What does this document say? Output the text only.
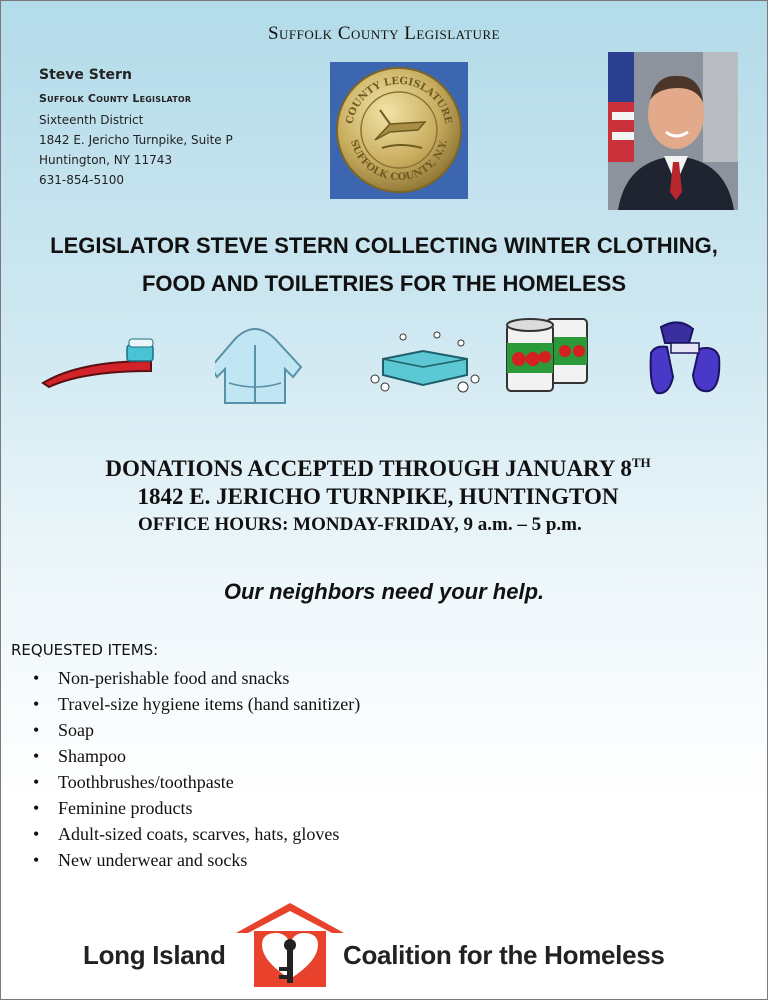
Suffolk County Legislature
Steve Stern
Suffolk County Legislator
Sixteenth District
1842 E. Jericho Turnpike, Suite P
Huntington, NY 11743
631-854-5100
COUNTY LEGISLATURE
SUFFOLK COUNTY, N.Y.
LEGISLATOR STEVE STERN COLLECTING WINTER CLOTHING,
FOOD AND TOILETRIES FOR THE HOMELESS
DONATIONS ACCEPTED THROUGH JANUARY 8TH
1842 E. JERICHO TURNPIKE, HUNTINGTON
OFFICE HOURS: MONDAY-FRIDAY, 9 a.m. – 5 p.m.
Our neighbors need your help.
REQUESTED ITEMS:
• Non-perishable food and snacks
• Travel-size hygiene items (hand sanitizer)
• Soap
• Shampoo
• Toothbrushes/toothpaste
• Feminine products
• Adult-sized coats, scarves, hats, gloves
• New underwear and socks
Long Island	Coalition for the Homeless
